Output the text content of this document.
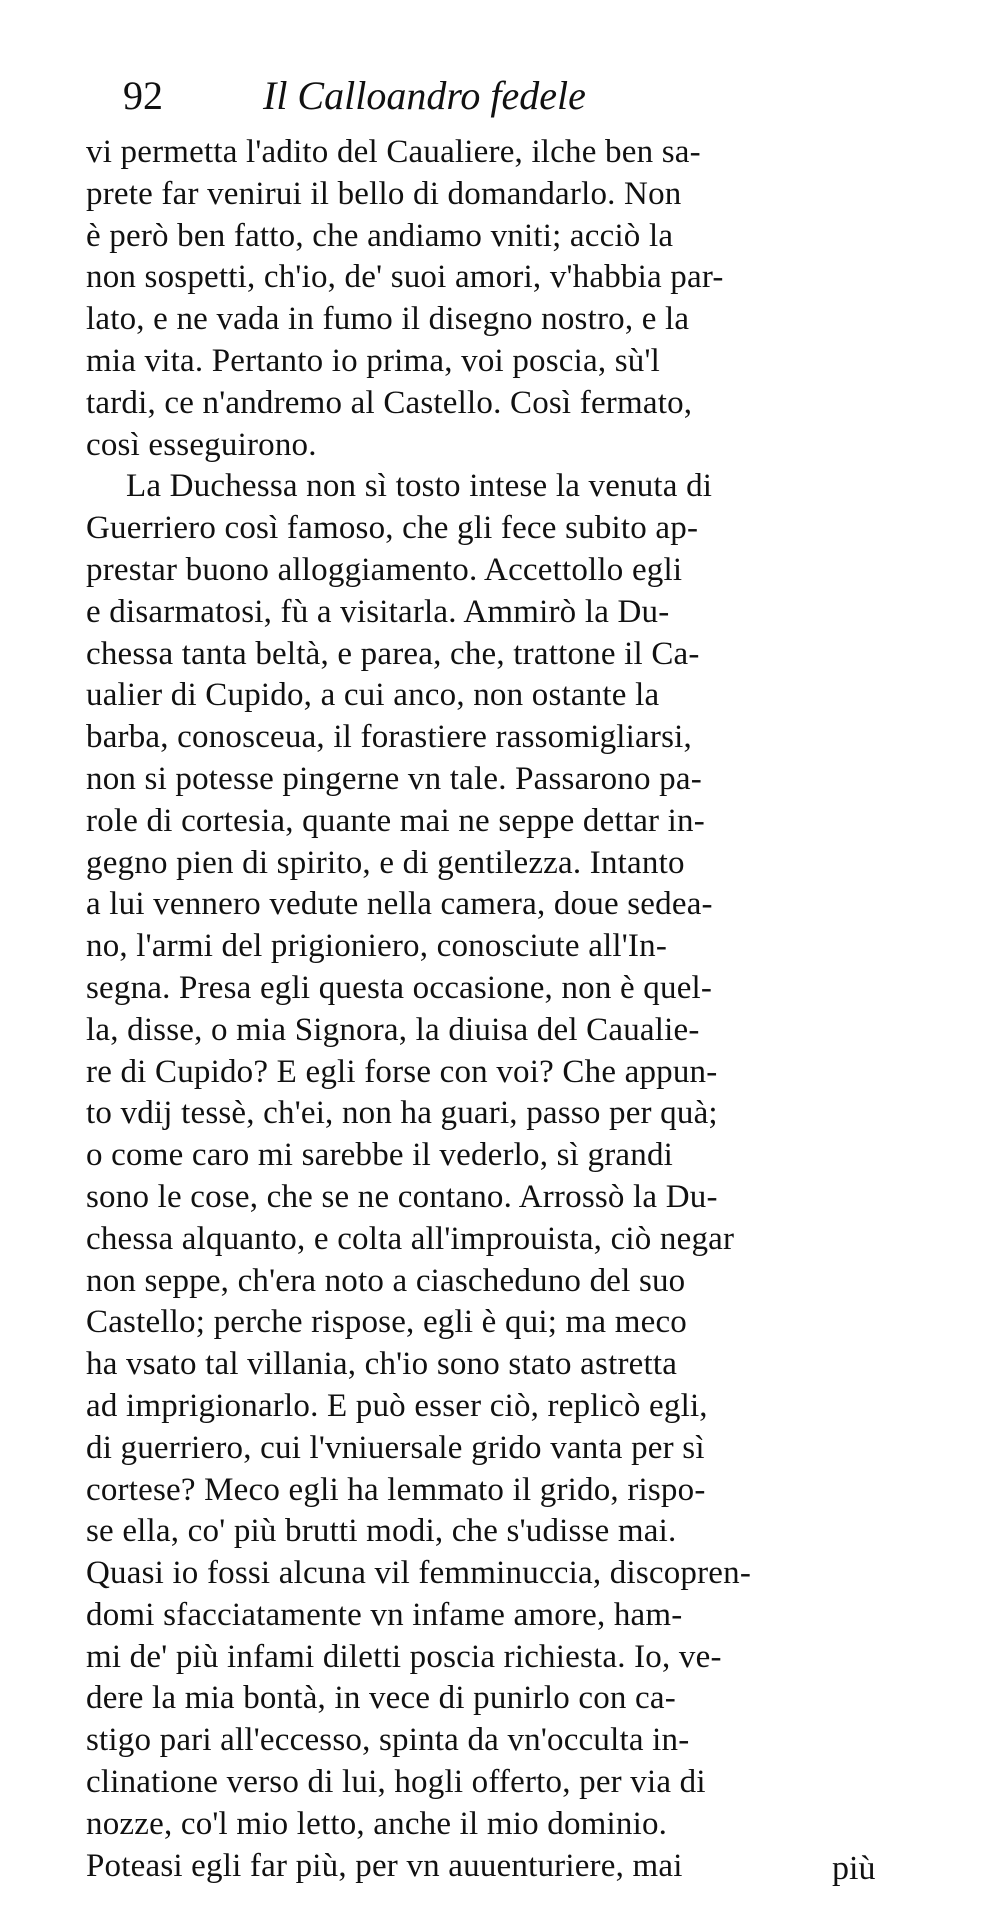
92	Il Calloandro fedele
vi permetta l'adito del Caualiere, ilche ben sa-
prete far venirui il bello di domandarlo. Non
è però ben fatto, che andiamo vniti; acciò la
non sospetti, ch'io, de' suoi amori, v'habbia par-
lato, e ne vada in fumo il disegno nostro, e la
mia vita. Pertanto io prima, voi poscia, sù'l
tardi, ce n'andremo al Castello. Così fermato,
così esseguirono.
La Duchessa non sì tosto intese la venuta di
Guerriero così famoso, che gli fece subito ap-
prestar buono alloggiamento. Accettollo egli
e disarmatosi, fù a visitarla. Ammirò la Du-
chessa tanta beltà, e parea, che, trattone il Ca-
ualier di Cupido, a cui anco, non ostante la
barba, conosceua, il forastiere rassomigliarsi,
non si potesse pingerne vn tale. Passarono pa-
role di cortesia, quante mai ne seppe dettar in-
gegno pien di spirito, e di gentilezza. Intanto
a lui vennero vedute nella camera, doue sedea-
no, l'armi del prigioniero, conosciute all'In-
segna. Presa egli questa occasione, non è quel-
la, disse, o mia Signora, la diuisa del Caualie-
re di Cupido? E egli forse con voi? Che appun-
to vdij tessè, ch'ei, non ha guari, passo per quà;
o come caro mi sarebbe il vederlo, sì grandi
sono le cose, che se ne contano. Arrossò la Du-
chessa alquanto, e colta all'improuista, ciò negar
non seppe, ch'era noto a ciascheduno del suo
Castello; perche rispose, egli è qui; ma meco
ha vsato tal villania, ch'io sono stato astretta
ad imprigionarlo. E può esser ciò, replicò egli,
di guerriero, cui l'vniuersale grido vanta per sì
cortese? Meco egli ha lemmato il grido, rispo-
se ella, co' più brutti modi, che s'udisse mai.
Quasi io fossi alcuna vil femminuccia, discopren-
domi sfacciatamente vn infame amore, ham-
mi de' più infami diletti poscia richiesta. Io, ve-
dere la mia bontà, in vece di punirlo con ca-
stigo pari all'eccesso, spinta da vn'occulta in-
clinatione verso di lui, hogli offerto, per via di
nozze, co'l mio letto, anche il mio dominio.
Poteasi egli far più, per vn auuenturiere, mai	più
